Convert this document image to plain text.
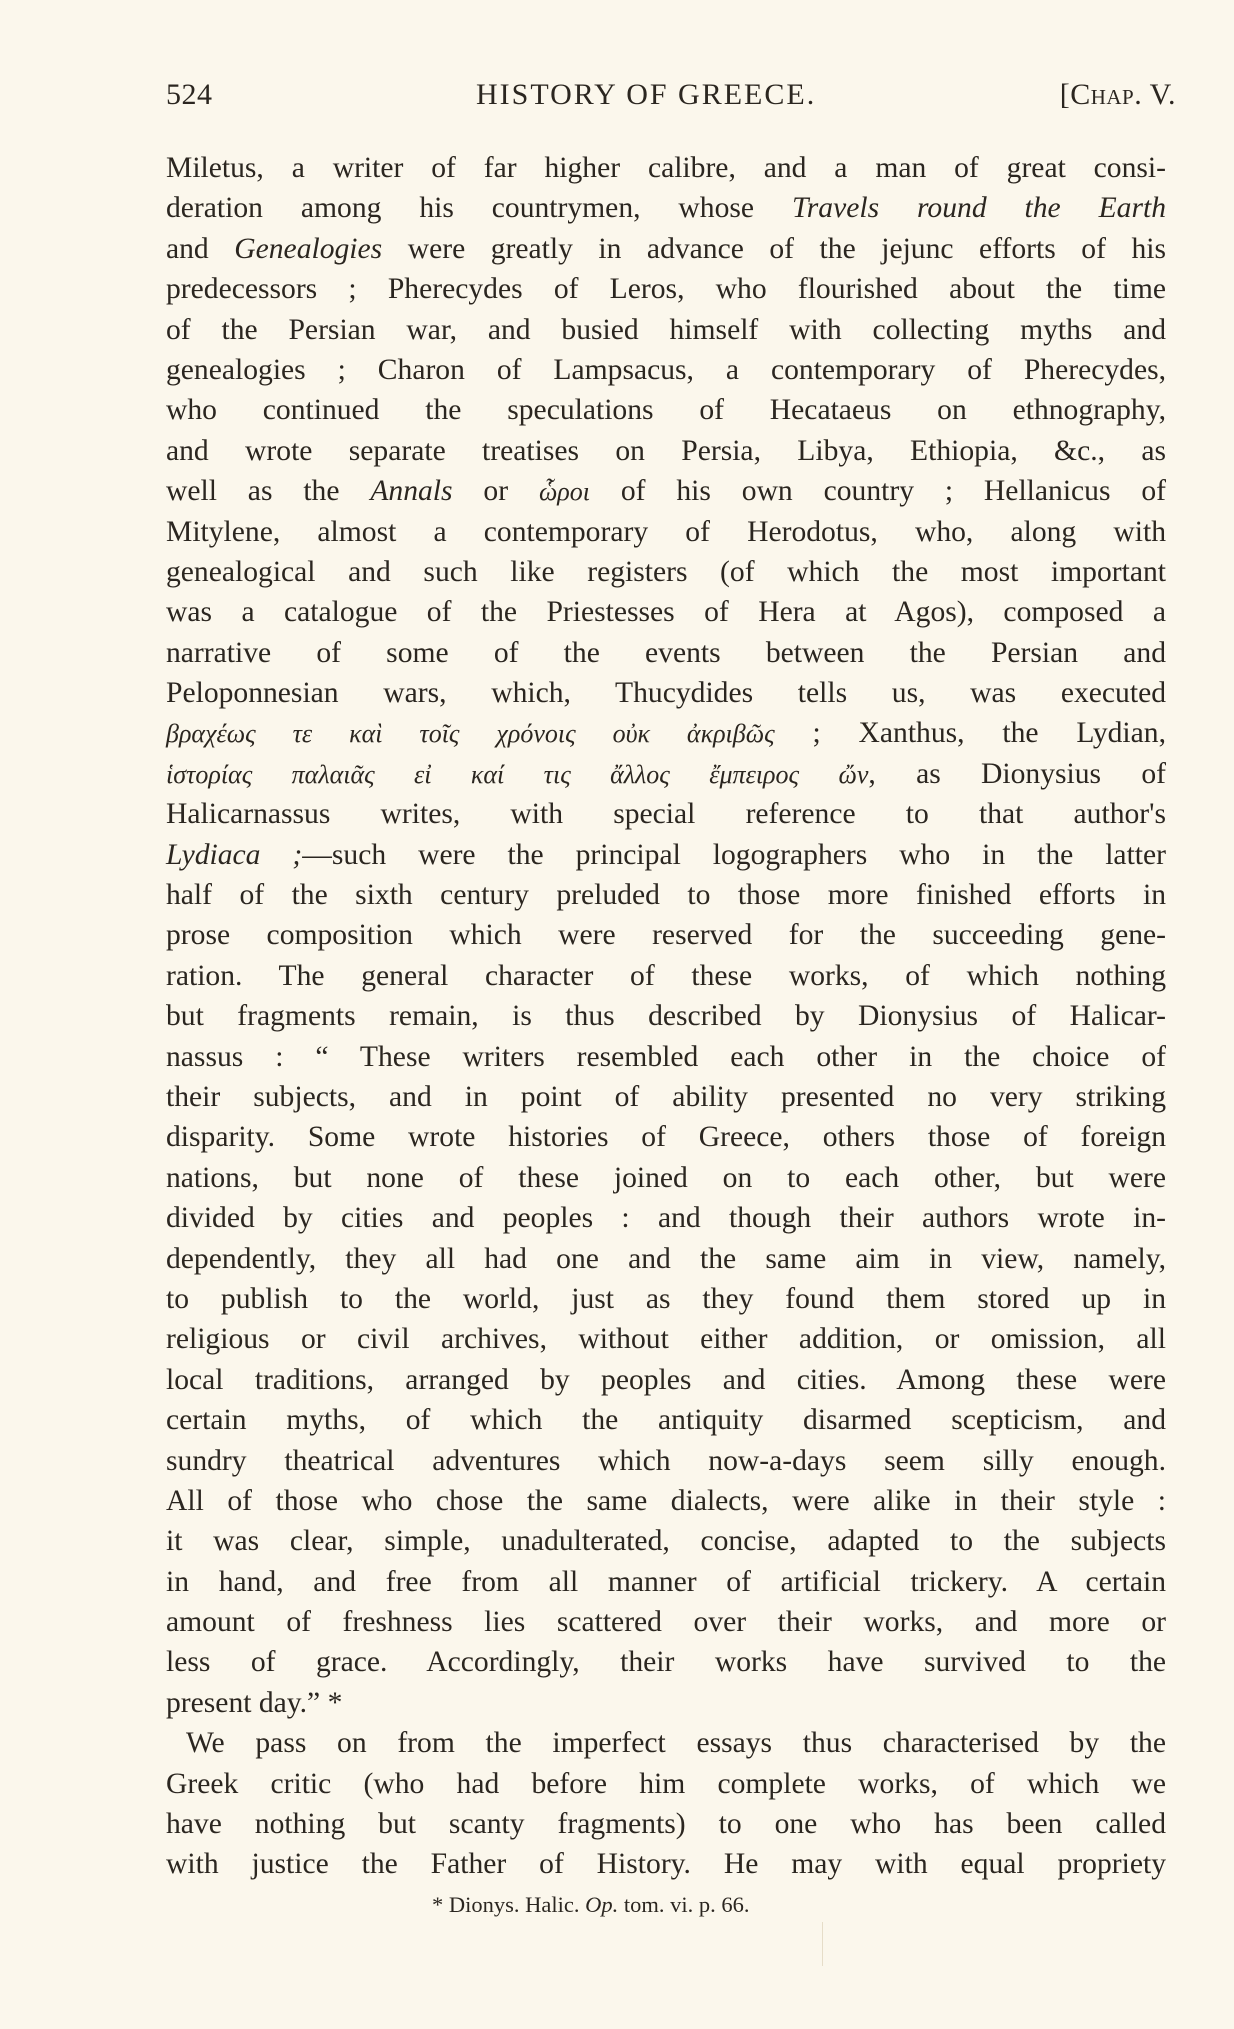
524	HISTORY OF GREECE.	[Chap. V.
Miletus, a writer of far higher calibre, and a man of great consi-
deration among his countrymen, whose Travels round the Earth
and Genealogies were greatly in advance of the jejunc efforts of his
predecessors ; Pherecydes of Leros, who flourished about the time
of the Persian war, and busied himself with collecting myths and
genealogies ; Charon of Lampsacus, a contemporary of Pherecydes,
who continued the speculations of Hecataeus on ethnography,
and wrote separate treatises on Persia, Libya, Ethiopia, &c., as
well as the Annals or ὧροι of his own country ; Hellanicus of
Mitylene, almost a contemporary of Herodotus, who, along with
genealogical and such like registers (of which the most important
was a catalogue of the Priestesses of Hera at Agos), composed a
narrative of some of the events between the Persian and
Peloponnesian wars, which, Thucydides tells us, was executed
βραχέως τε καὶ τοῖς χρόνοις οὐκ ἀκριβῶς ; Xanthus, the Lydian,
ἱστορίας παλαιᾶς εἰ καί τις ἄλλος ἔμπειρος ὤν, as Dionysius of
Halicarnassus writes, with special reference to that author's
Lydiaca ;—such were the principal logographers who in the latter
half of the sixth century preluded to those more finished efforts in
prose composition which were reserved for the succeeding gene-
ration. The general character of these works, of which nothing
but fragments remain, is thus described by Dionysius of Halicar-
nassus : “ These writers resembled each other in the choice of
their subjects, and in point of ability presented no very striking
disparity. Some wrote histories of Greece, others those of foreign
nations, but none of these joined on to each other, but were
divided by cities and peoples : and though their authors wrote in-
dependently, they all had one and the same aim in view, namely,
to publish to the world, just as they found them stored up in
religious or civil archives, without either addition, or omission, all
local traditions, arranged by peoples and cities. Among these were
certain myths, of which the antiquity disarmed scepticism, and
sundry theatrical adventures which now-a-days seem silly enough.
All of those who chose the same dialects, were alike in their style :
it was clear, simple, unadulterated, concise, adapted to the subjects
in hand, and free from all manner of artificial trickery. A certain
amount of freshness lies scattered over their works, and more or
less of grace. Accordingly, their works have survived to the
present day.” *
We pass on from the imperfect essays thus characterised by the
Greek critic (who had before him complete works, of which we
have nothing but scanty fragments) to one who has been called
with justice the Father of History. He may with equal propriety
* Dionys. Halic. Op. tom. vi. p. 66.
